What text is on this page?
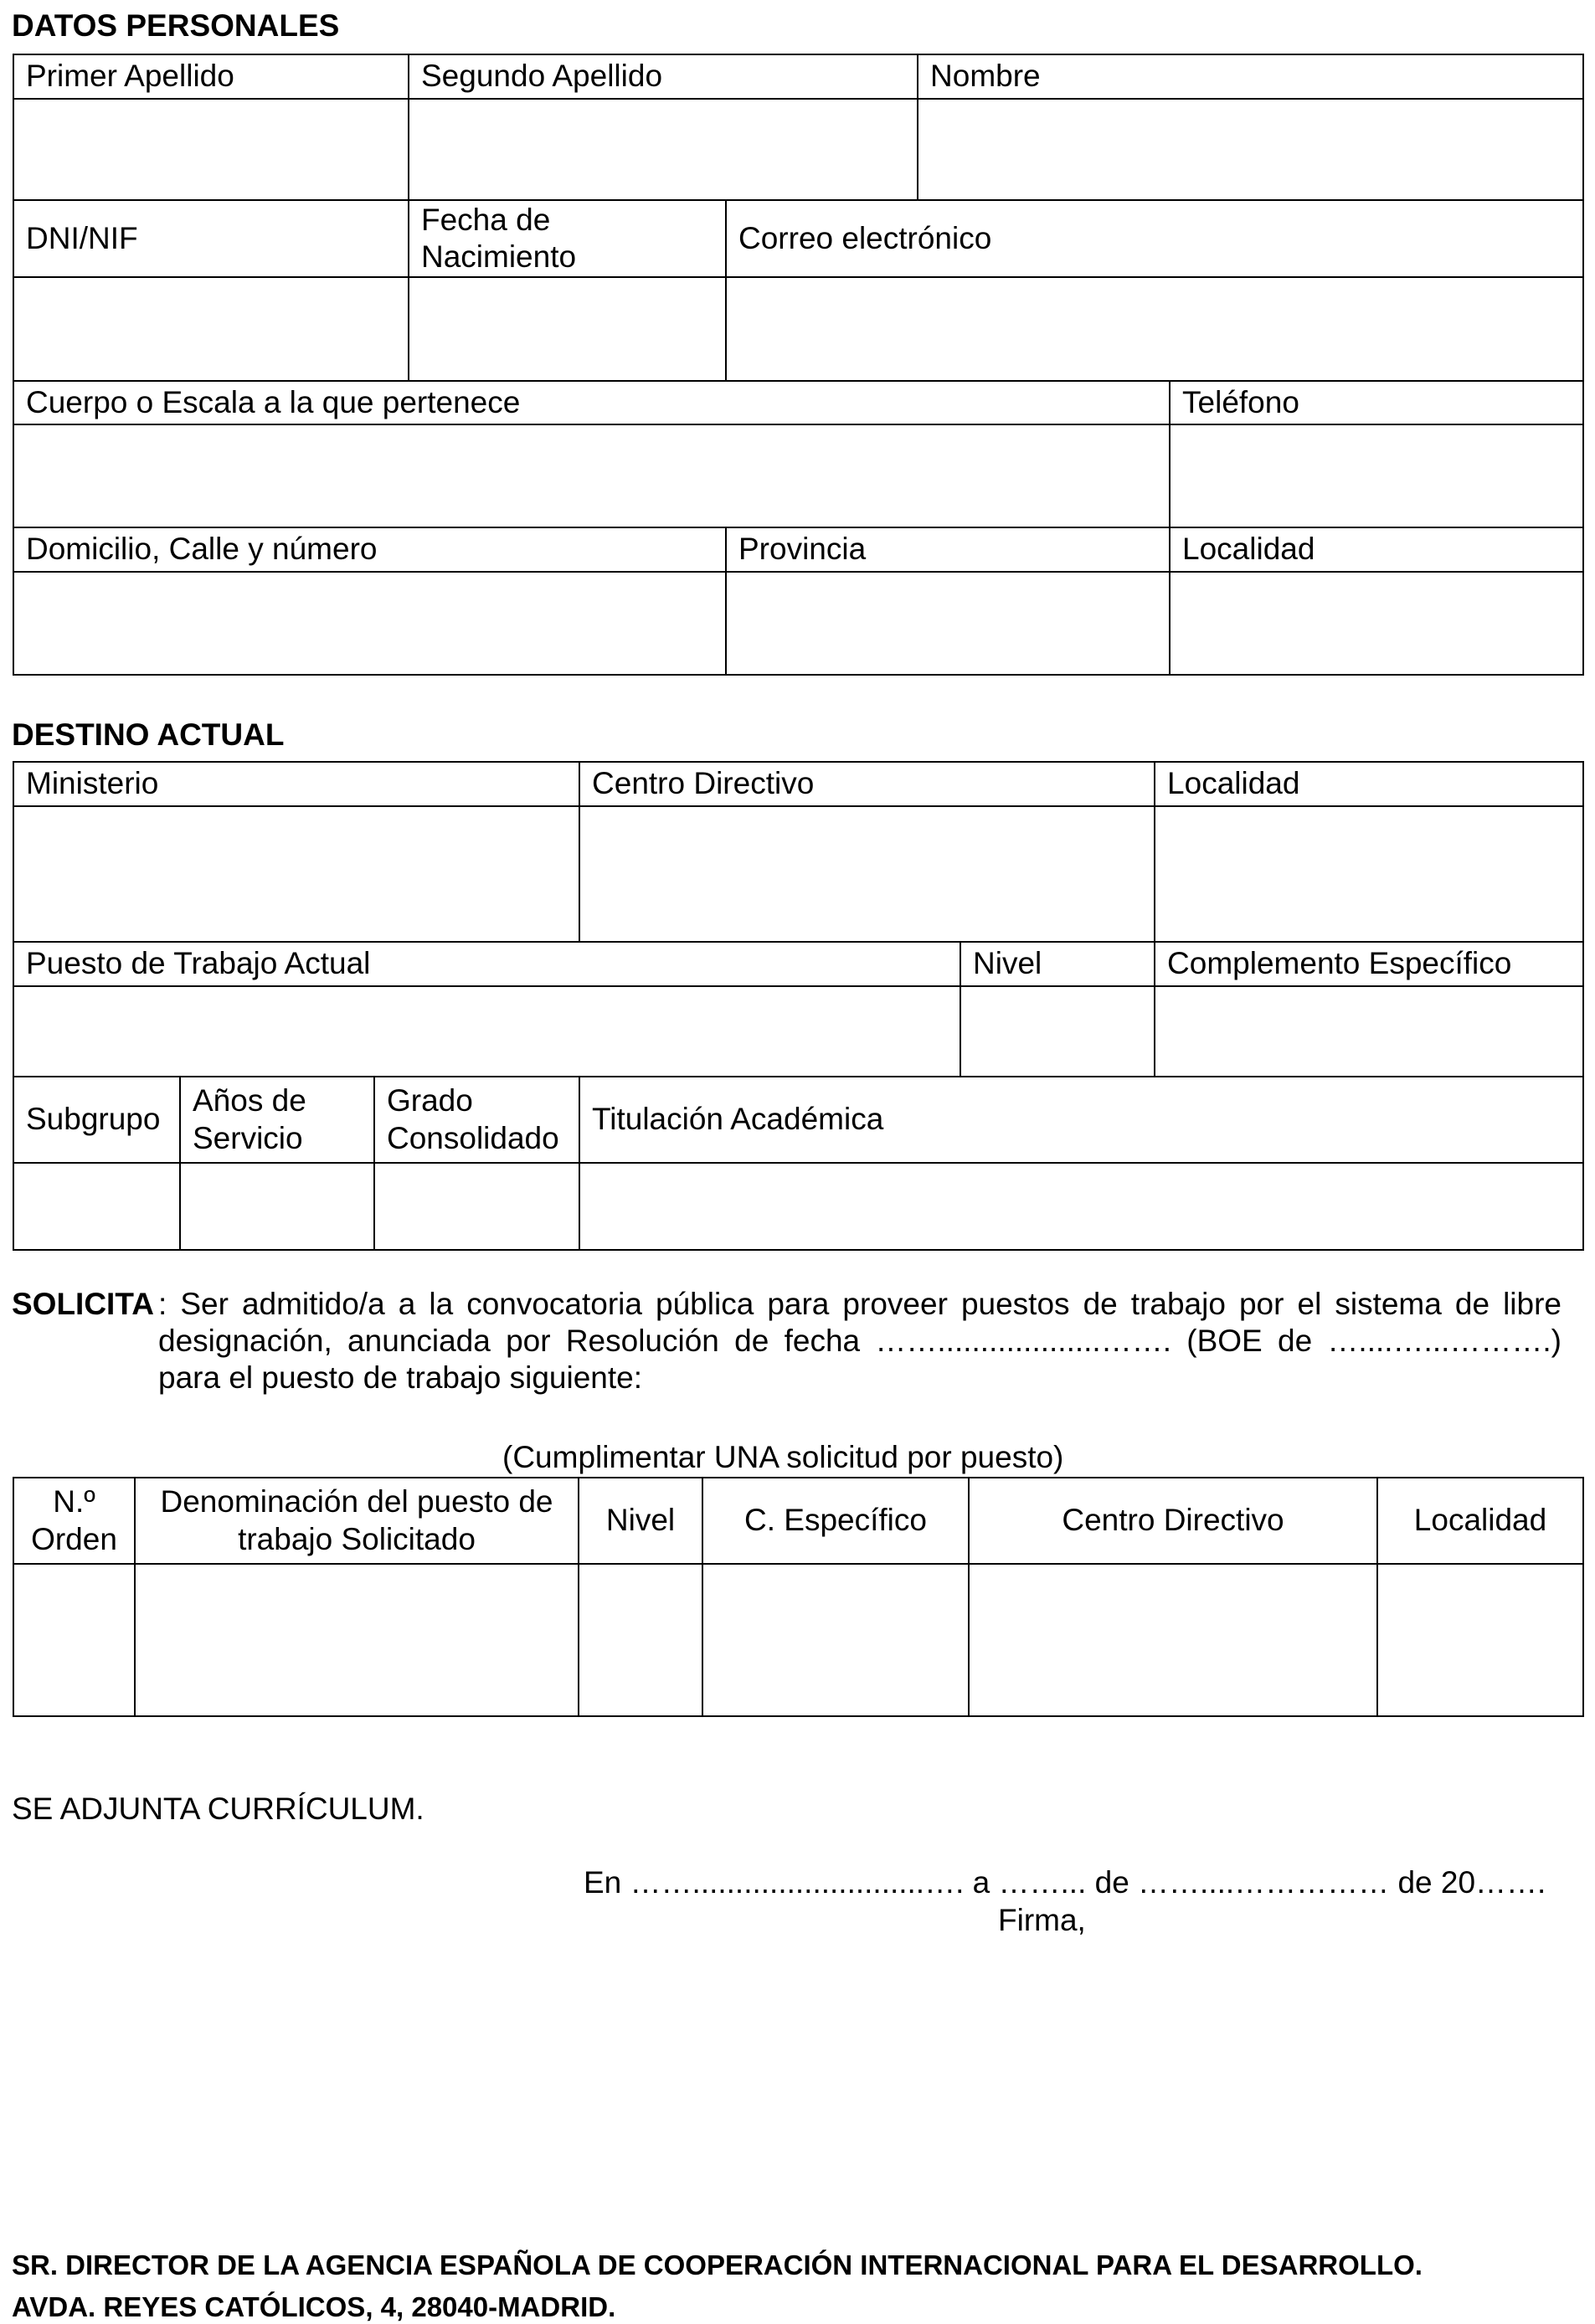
DATOS PERSONALES
Primer Apellido	Segundo Apellido		Nombre	

DNI/NIF	Fecha de Nacimiento	Correo electrónico		

Cuerpo o Escala a la que pertenece				Teléfono

Domicilio, Calle y número		Provincia		Localidad

DESTINO ACTUAL
Ministerio			Centro Directivo		Localidad

Puesto de Trabajo Actual				Nivel	Complemento Específico

Subgrupo	Años de Servicio	Grado Consolidado	Titulación Académica		

SOLICITA : Ser admitido/a a la convocatoria pública para proveer puestos de trabajo por el sistema de libre designación, anunciada por Resolución de fecha ……...................……. (BOE de …....…...……….) para el puesto de trabajo siguiente:
(Cumplimentar UNA solicitud por puesto)
N.º Orden	Denominación del puesto de trabajo Solicitado	Nivel	C. Específico	Centro Directivo	Localidad

SE ADJUNTA CURRÍCULUM.
En ……...........................…. a ……... de ……....…………… de 20…….
Firma,
SR. DIRECTOR DE LA AGENCIA ESPAÑOLA DE COOPERACIÓN INTERNACIONAL PARA EL DESARROLLO.
AVDA. REYES CATÓLICOS, 4, 28040-MADRID.
